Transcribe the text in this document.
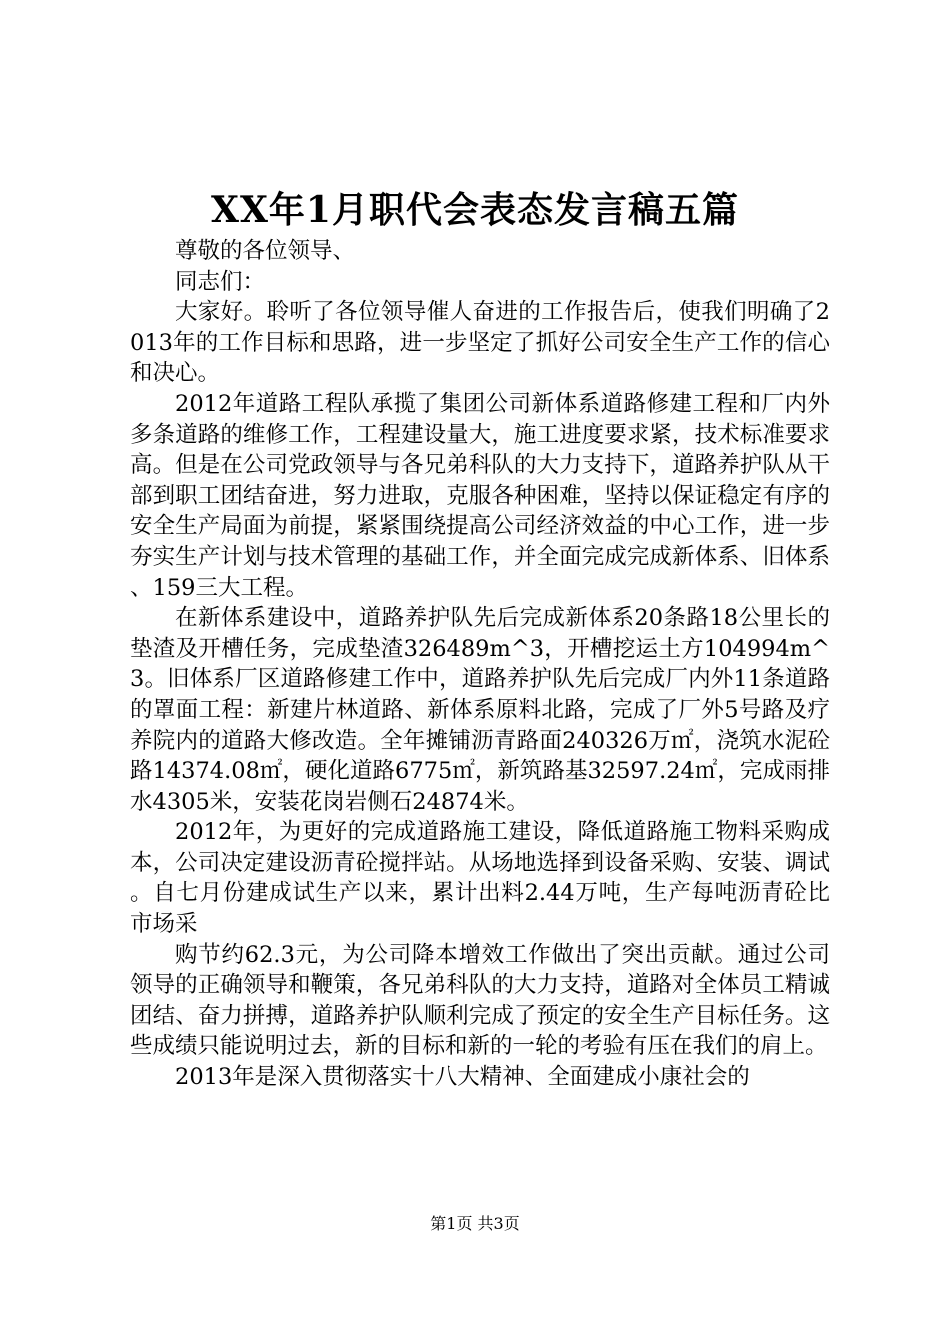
XX年1月职代会表态发言稿五篇

尊敬的各位领导、

同志们：

大家好。聆听了各位领导催人奋进的工作报告后，使我们明确了2013年的工作目标和思路，进一步坚定了抓好公司安全生产工作的信心和决心。

2012年道路工程队承揽了集团公司新体系道路修建工程和厂内外多条道路的维修工作，工程建设量大，施工进度要求紧，技术标准要求高。但是在公司党政领导与各兄弟科队的大力支持下，道路养护队从干部到职工团结奋进，努力进取，克服各种困难，坚持以保证稳定有序的安全生产局面为前提，紧紧围绕提高公司经济效益的中心工作，进一步夯实生产计划与技术管理的基础工作，并全面完成完成新体系、旧体系、159三大工程。

在新体系建设中，道路养护队先后完成新体系20条路18公里长的垫渣及开槽任务，完成垫渣326489m^3，开槽挖运土方104994m^3。旧体系厂区道路修建工作中，道路养护队先后完成厂内外11条道路的罩面工程：新建片林道路、新体系原料北路，完成了厂外5号路及疗养院内的道路大修改造。全年摊铺沥青路面240326万㎡，浇筑水泥砼路14374.08㎡，硬化道路6775㎡，新筑路基32597.24㎡，完成雨排水4305米，安装花岗岩侧石24874米。

2012年，为更好的完成道路施工建设，降低道路施工物料采购成本，公司决定建设沥青砼搅拌站。从场地选择到设备采购、安装、调试。自七月份建成试生产以来，累计出料2.44万吨，生产每吨沥青砼比市场采

购节约62.3元，为公司降本增效工作做出了突出贡献。通过公司领导的正确领导和鞭策，各兄弟科队的大力支持，道路对全体员工精诚团结、奋力拼搏，道路养护队顺利完成了预定的安全生产目标任务。这些成绩只能说明过去，新的目标和新的一轮的考验有压在我们的肩上。

2013年是深入贯彻落实十八大精神、全面建成小康社会的

第1页 共3页
